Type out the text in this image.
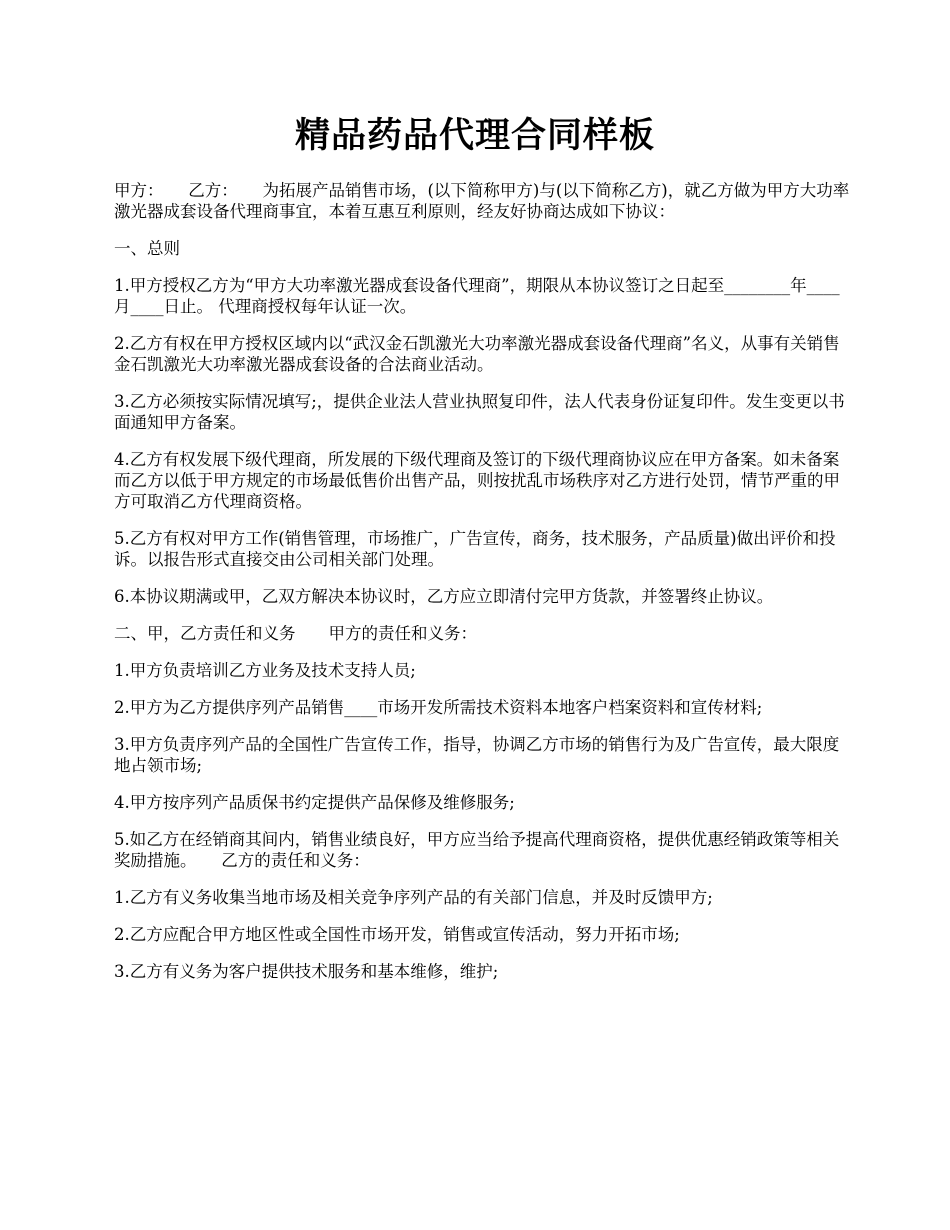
精品药品代理合同样板

甲方：　　乙方：　　为拓展产品销售市场，(以下简称甲方)与(以下简称乙方)，就乙方做为甲方大功率激光器成套设备代理商事宜，本着互惠互利原则，经友好协商达成如下协议：

一、总则

1.甲方授权乙方为“甲方大功率激光器成套设备代理商”，期限从本协议签订之日起至________年____月____日止。 代理商授权每年认证一次。

2.乙方有权在甲方授权区域内以“武汉金石凯激光大功率激光器成套设备代理商”名义，从事有关销售金石凯激光大功率激光器成套设备的合法商业活动。

3.乙方必须按实际情况填写;，提供企业法人营业执照复印件，法人代表身份证复印件。发生变更以书面通知甲方备案。

4.乙方有权发展下级代理商，所发展的下级代理商及签订的下级代理商协议应在甲方备案。如未备案而乙方以低于甲方规定的市场最低售价出售产品，则按扰乱市场秩序对乙方进行处罚，情节严重的甲方可取消乙方代理商资格。

5.乙方有权对甲方工作(销售管理，市场推广，广告宣传，商务，技术服务，产品质量)做出评价和投诉。以报告形式直接交由公司相关部门处理。

6.本协议期满或甲，乙双方解决本协议时，乙方应立即清付完甲方货款，并签署终止协议。

二、甲，乙方责任和义务　　甲方的责任和义务：

1.甲方负责培训乙方业务及技术支持人员;

2.甲方为乙方提供序列产品销售____市场开发所需技术资料本地客户档案资料和宣传材料;

3.甲方负责序列产品的全国性广告宣传工作，指导，协调乙方市场的销售行为及广告宣传，最大限度地占领市场;

4.甲方按序列产品质保书约定提供产品保修及维修服务;

5.如乙方在经销商其间内，销售业绩良好，甲方应当给予提高代理商资格，提供优惠经销政策等相关奖励措施。　　乙方的责任和义务：

1.乙方有义务收集当地市场及相关竞争序列产品的有关部门信息，并及时反馈甲方;

2.乙方应配合甲方地区性或全国性市场开发，销售或宣传活动，努力开拓市场;

3.乙方有义务为客户提供技术服务和基本维修，维护;
